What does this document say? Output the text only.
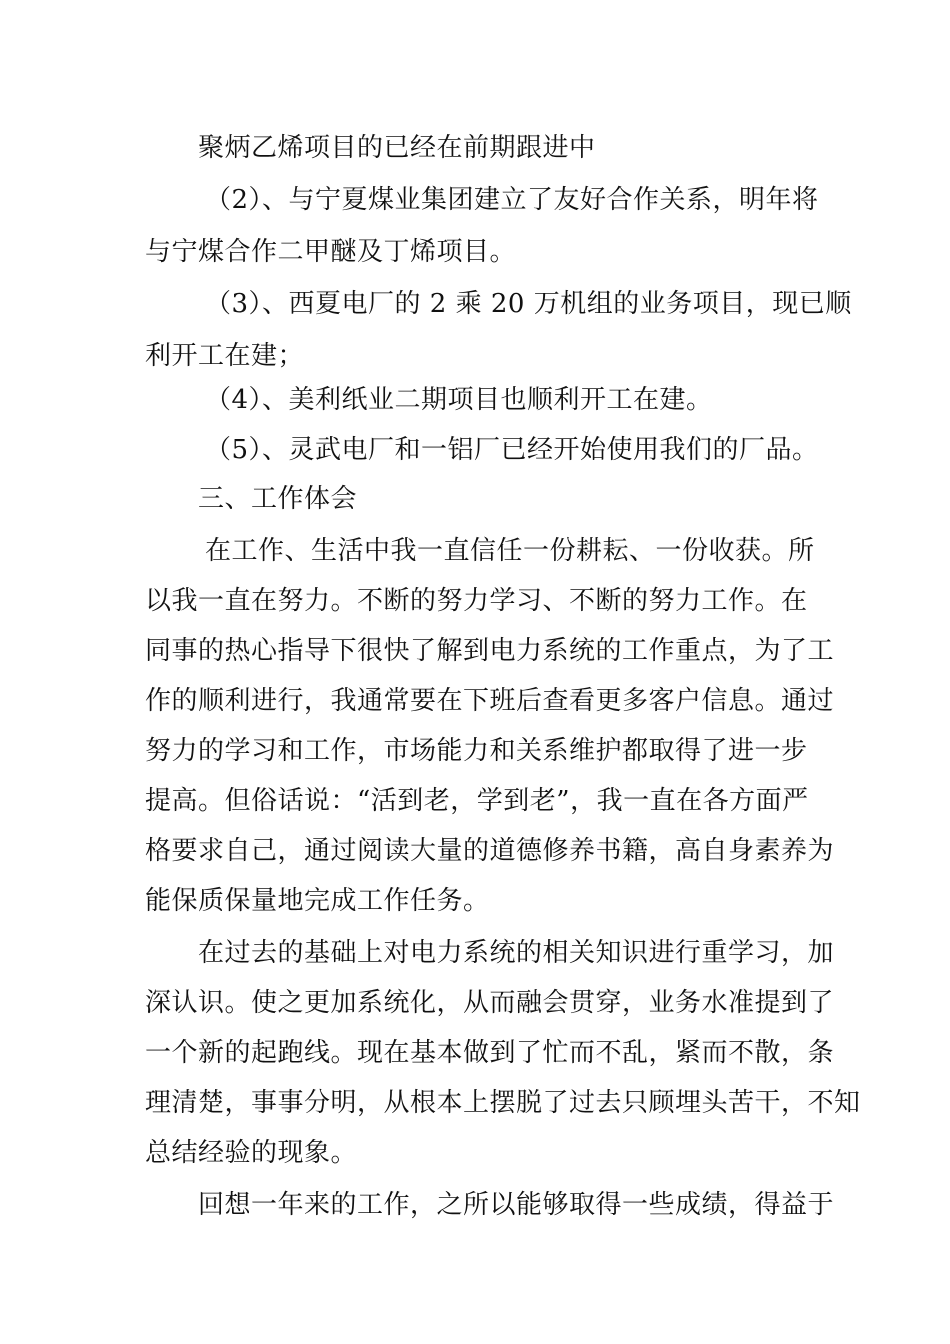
聚炳乙烯项目的已经在前期跟进中
（2）、与宁夏煤业集团建立了友好合作关系，明年将
与宁煤合作二甲醚及丁烯项目。
（3）、西夏电厂的 2 乘 20 万机组的业务项目，现已顺
利开工在建；
（4）、美利纸业二期项目也顺利开工在建。
（5）、灵武电厂和一铝厂已经开始使用我们的厂品。
三、工作体会
在工作、生活中我一直信任一份耕耘、一份收获。所
以我一直在努力。不断的努力学习、不断的努力工作。在
同事的热心指导下很快了解到电力系统的工作重点，为了工
作的顺利进行，我通常要在下班后查看更多客户信息。通过
努力的学习和工作，市场能力和关系维护都取得了进一步
提高。但俗话说：“活到老，学到老”，我一直在各方面严
格要求自己，通过阅读大量的道德修养书籍，高自身素养为
能保质保量地完成工作任务。
在过去的基础上对电力系统的相关知识进行重学习，加
深认识。使之更加系统化，从而融会贯穿，业务水准提到了
一个新的起跑线。现在基本做到了忙而不乱，紧而不散，条
理清楚，事事分明，从根本上摆脱了过去只顾埋头苦干，不知
总结经验的现象。
回想一年来的工作，之所以能够取得一些成绩，得益于
